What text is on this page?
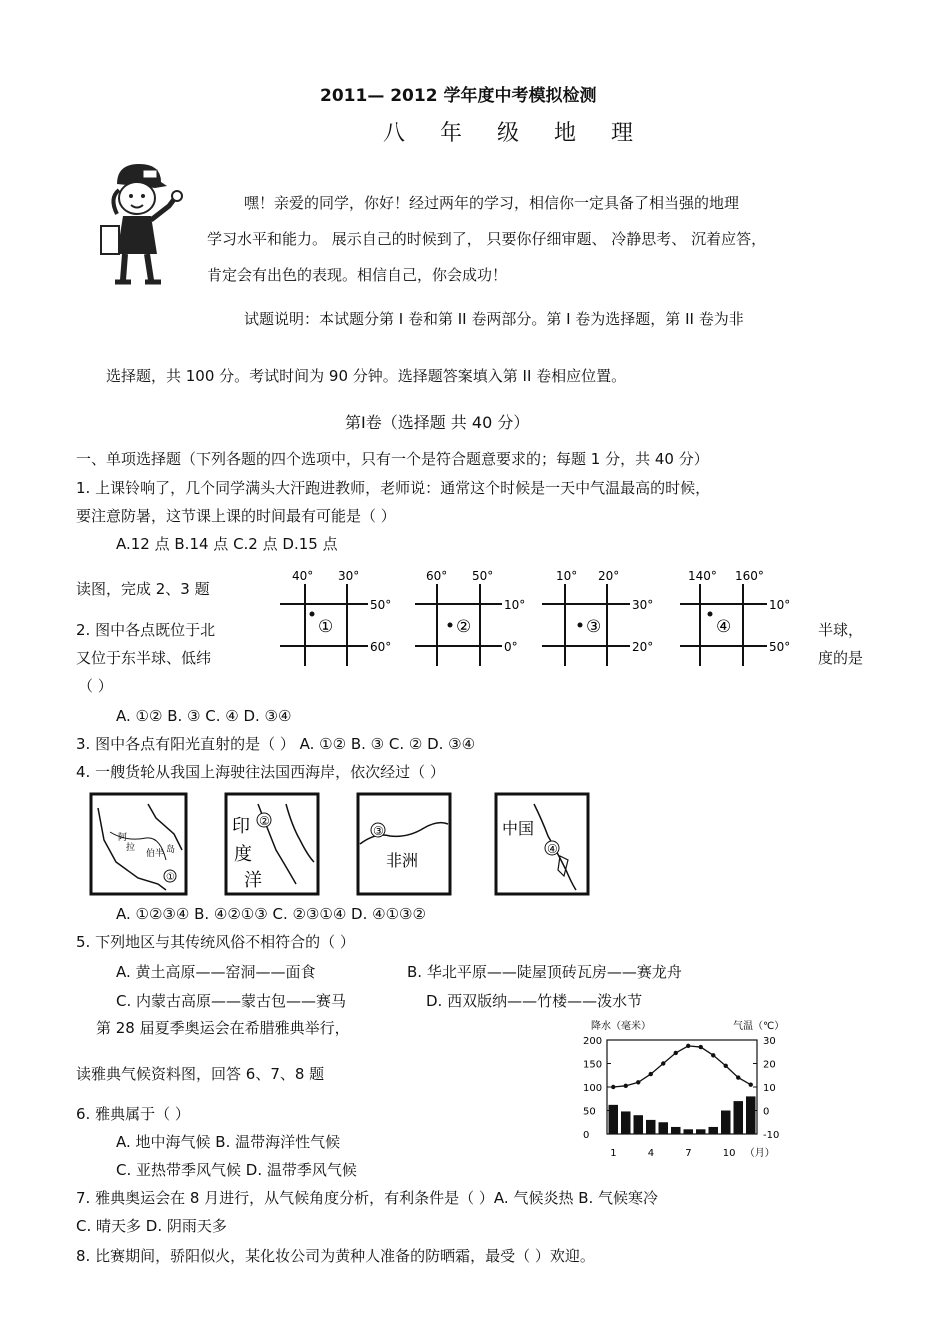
2011— 2012 学年度中考模拟检测
八 年 级 地 理
嘿！亲爱的同学，你好！经过两年的学习，相信你一定具备了相当强的地理
学习水平和能力。 展示自己的时候到了， 只要你仔细审题、 冷静思考、 沉着应答，
肯定会有出色的表现。相信自己，你会成功！
试题说明：本试题分第 I 卷和第 II 卷两部分。第 I 卷为选择题，第 II 卷为非
选择题，共 100 分。考试时间为 90 分钟。选择题答案填入第 II 卷相应位置。
第Ⅰ卷（选择题 共 40 分）
一、单项选择题（下列各题的四个选项中，只有一个是符合题意要求的；每题 1 分，共 40 分）
1. 上课铃响了，几个同学满头大汗跑进教师，老师说：通常这个时候是一天中气温最高的时候，
要注意防暑，这节课上课的时间最有可能是（ ）
A.12 点 B.14 点 C.2 点 D.15 点
读图，完成 2、3 题
40° 30°
50°
60°
①
60° 50°
10°
0°
②
10° 20°
30°
20°
③
140° 160°
10°
50°
④
2. 图中各点既位于北	半球，
又位于东半球、低纬	度的是
（ ）
A. ①② B. ③ C. ④ D. ③④
3. 图中各点有阳光直射的是（ ） A. ①② B. ③ C. ② D. ③④
4. 一艘货轮从我国上海驶往法国西海岸，依次经过（ ）
阿
拉
伯半 岛
①
印
度
洋
②
非洲
③	中国
④
A. ①②③④ B. ④②①③ C. ②③①④ D. ④①③②
5. 下列地区与其传统风俗不相符合的（ ）
A. 黄土高原——窑洞——面食	B. 华北平原——陡屋顶砖瓦房——赛龙舟
C. 内蒙古高原——蒙古包——赛马	D. 西双版纳——竹楼——泼水节
第 28 届夏季奥运会在希腊雅典举行，
读雅典气候资料图，回答 6、7、8 题
降水（毫米）	气温（℃）
200
150
100
50
0
30
20
10
0
-10
1	4	7	10 （月）
6. 雅典属于（ ）
A. 地中海气候 B. 温带海洋性气候
C. 亚热带季风气候 D. 温带季风气候
7. 雅典奥运会在 8 月进行，从气候角度分析，有利条件是（ ）A. 气候炎热 B. 气候寒冷
C. 晴天多 D. 阴雨天多
8. 比赛期间，骄阳似火，某化妆公司为黄种人准备的防晒霜，最受（ ）欢迎。
